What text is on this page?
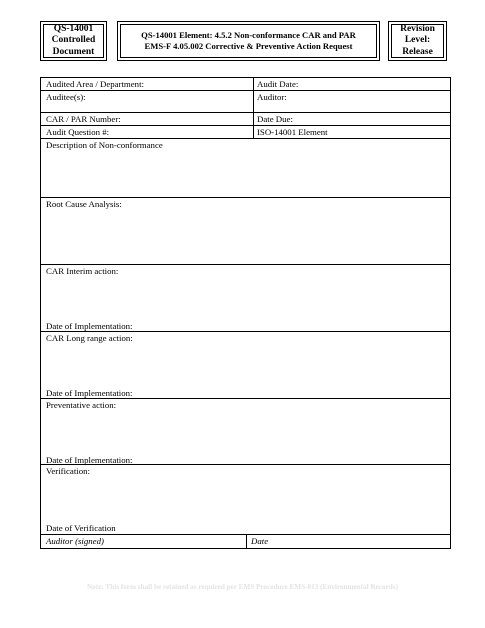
QS-14001
Controlled
Document
QS-14001 Element: 4.5.2 Non-conformance CAR and PAR
EMS-F 4.05.002 Corrective & Preventive Action Request
Revision
Level:
Release
Audited Area / Department:	Audit Date:
Auditee(s):	Auditor:
CAR / PAR Number:	Date Due:
Audit Question #:	ISO-14001 Element
Description of Non-conformance
Root Cause Analysis:
CAR Interim action:
Date of Implementation:
CAR Long range action:
Date of Implementation:
Preventative action:
Date of Implementation:
Verification:
Date of Verification
Auditor (signed)	Date
Note: This form shall be retained as required per EMS Procedure EMS-013 (Environmental Records)
